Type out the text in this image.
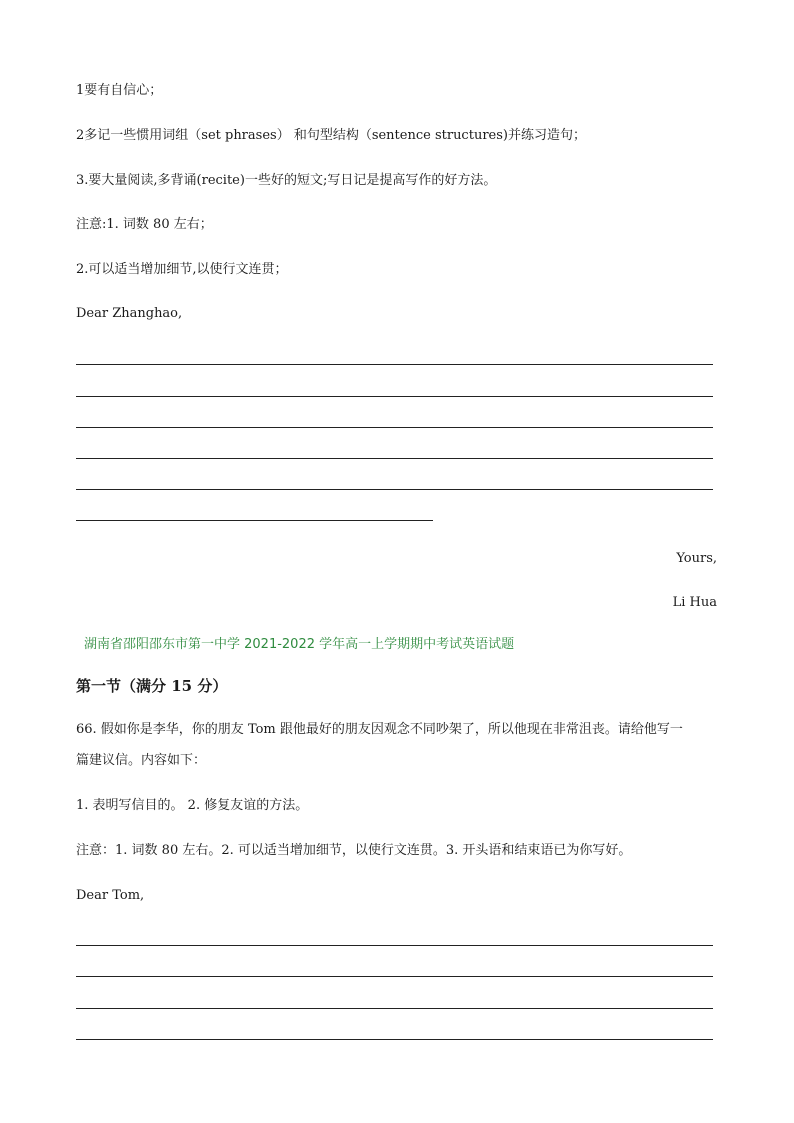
1要有自信心；
2多记一些惯用词组（set phrases） 和句型结构（sentence structures)并练习造句；
3.要大量阅读,多背诵(recite)一些好的短文;写日记是提高写作的好方法。
注意:1. 词数 80 左右；
2.可以适当增加细节,以使行文连贯；
Dear Zhanghao,
Yours,
Li Hua
湖南省邵阳邵东市第一中学 2021-2022 学年高一上学期期中考试英语试题
第一节（满分 15 分）
66. 假如你是李华，你的朋友 Tom 跟他最好的朋友因观念不同吵架了，所以他现在非常沮丧。请给他写一
篇建议信。内容如下：
1. 表明写信目的。 2. 修复友谊的方法。
注意：1. 词数 80 左右。2. 可以适当增加细节，以使行文连贯。3. 开头语和结束语已为你写好。
Dear Tom,
